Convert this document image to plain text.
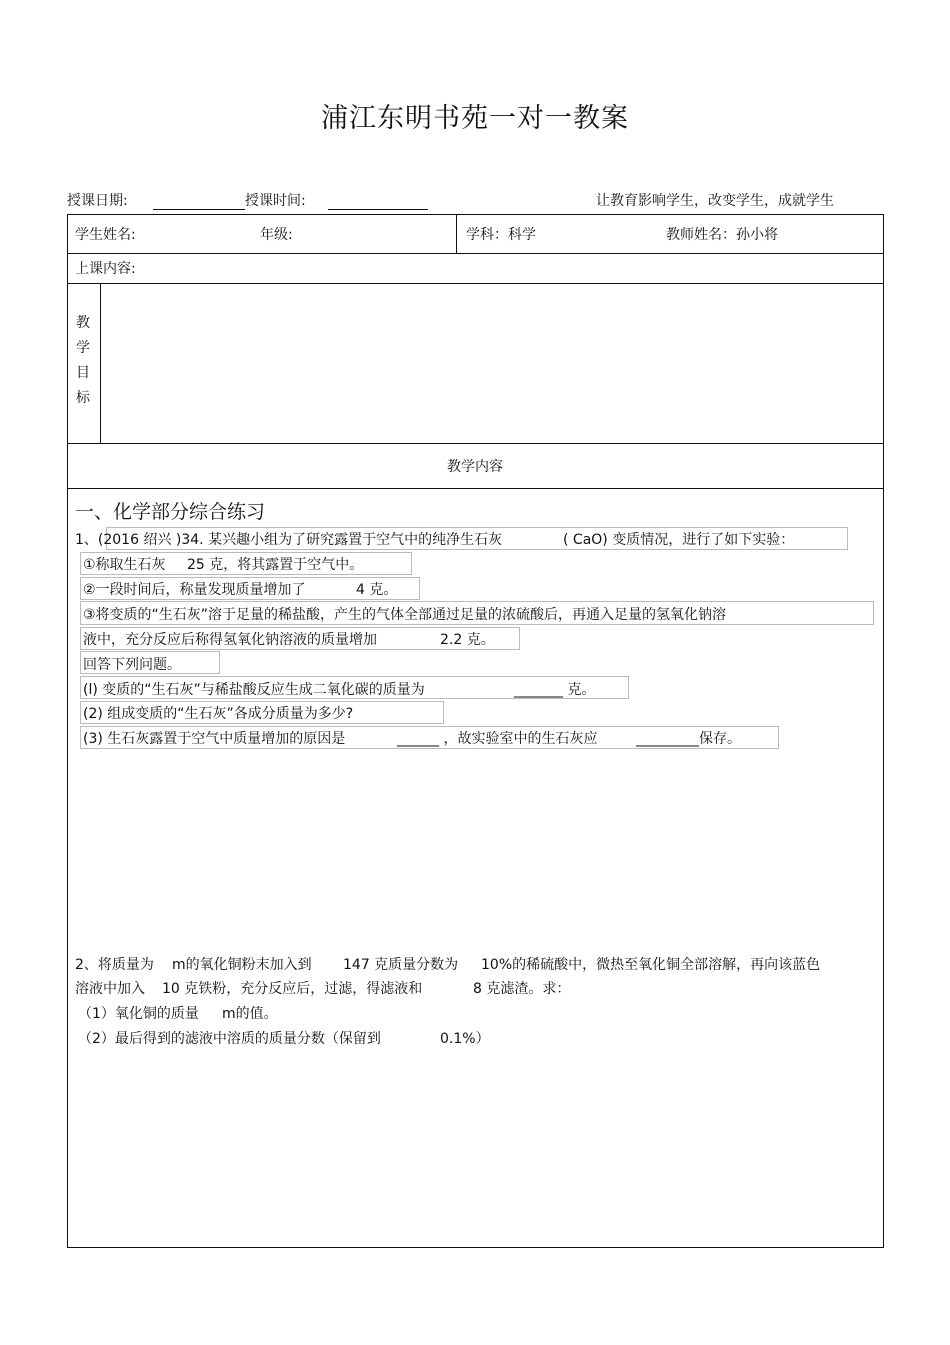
浦江东明书苑一对一教案
授课日期:	授课时间:	让教育影响学生，改变学生，成就学生
学生姓名:	年级:	学科：科学	教师姓名：孙小将
上课内容:
教
学
目
标
教学内容
一、化学部分综合练习
1、(2016 绍兴 )34. 某兴趣小组为了研究露置于空气中的纯净生石灰	( CaO) 变质情况，进行了如下实验：
①称取生石灰 25 克，将其露置于空气中。
②一段时间后，称量发现质量增加了	4 克。
③将变质的“生石灰”溶于足量的稀盐酸，产生的气体全部通过足量的浓硫酸后，再通入足量的氢氧化钠溶
液中，充分反应后称得氢氧化钠溶液的质量增加	2.2 克。
回答下列问题。
(l) 变质的“生石灰”与稀盐酸反应生成二氧化碳的质量为	_______ 克。
(2) 组成变质的“生石灰”各成分质量为多少?
(3) 生石灰露置于空气中质量增加的原因是	______ ，故实验室中的生石灰应	_________保存。
2、将质量为 m的氧化铜粉末加入到 147 克质量分数为 10%的稀硫酸中，微热至氧化铜全部溶解，再向该蓝色
溶液中加入 10 克铁粉，充分反应后，过滤，得滤液和	8 克滤渣。求：
（1）氧化铜的质量 m的值。
（2）最后得到的滤液中溶质的质量分数（保留到	0.1%）
